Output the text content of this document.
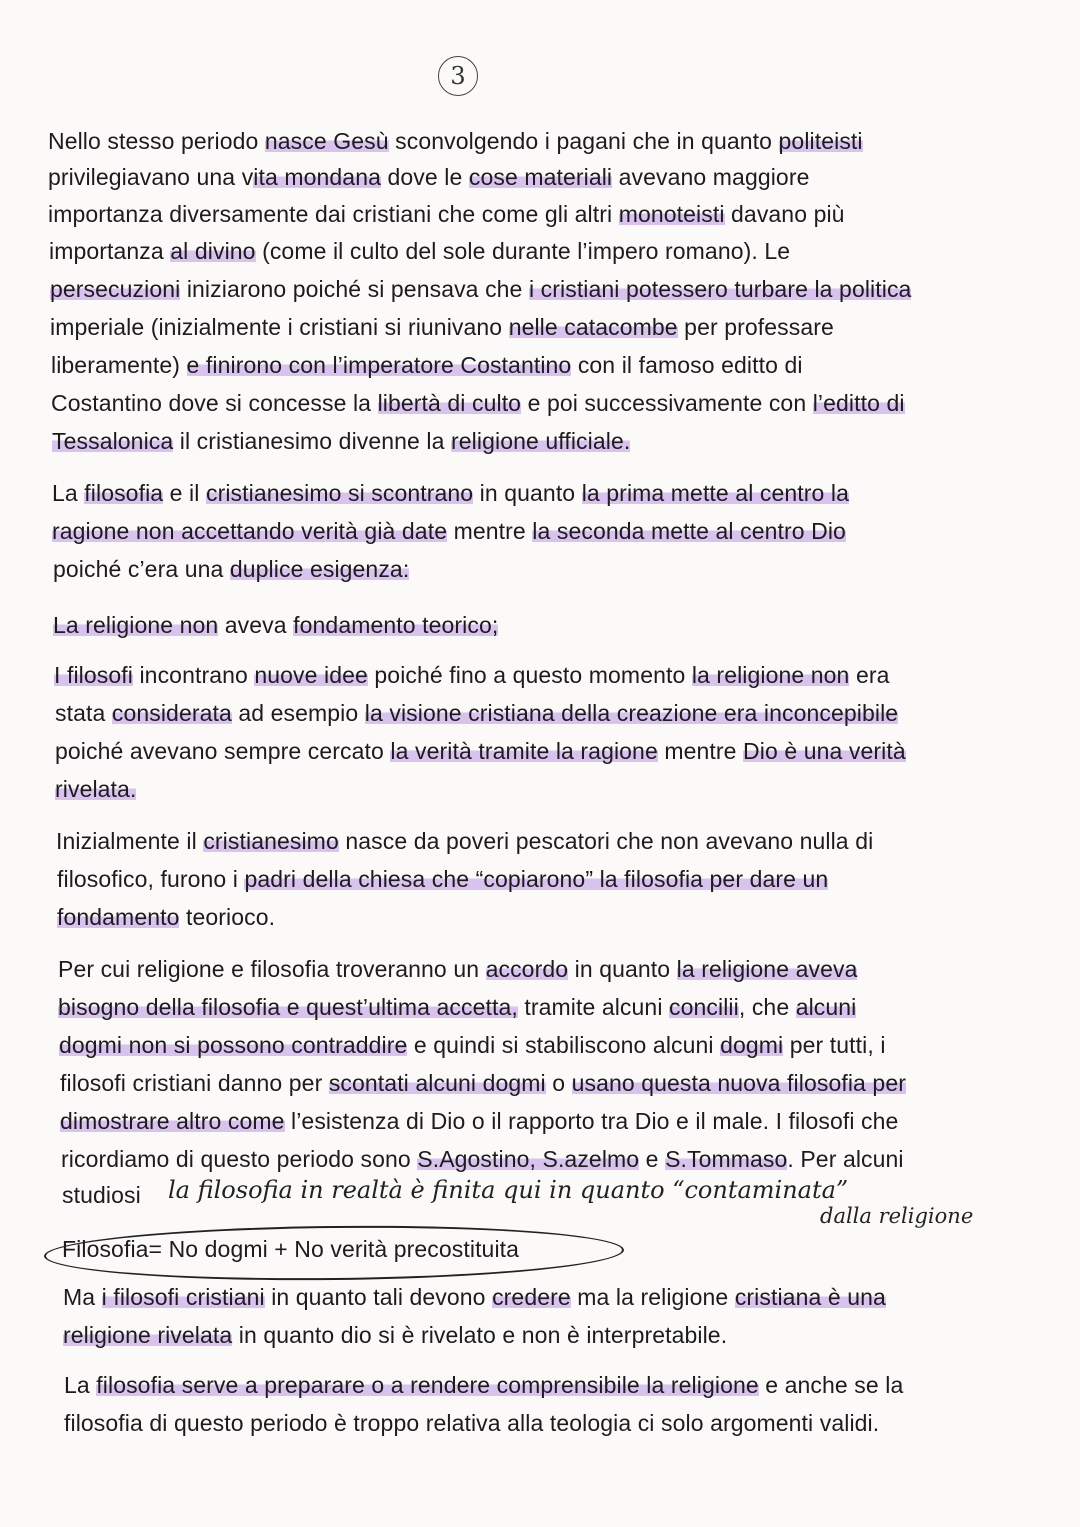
3
Nello stesso periodo nasce Gesù sconvolgendo i pagani che in quanto politeisti
privilegiavano una vita mondana dove le cose materiali avevano maggiore
importanza diversamente dai cristiani che come gli altri monoteisti davano più
importanza al divino (come il culto del sole durante l’impero romano). Le
persecuzioni iniziarono poiché si pensava che i cristiani potessero turbare la politica
imperiale (inizialmente i cristiani si riunivano nelle catacombe per professare
liberamente) e finirono con l’imperatore Costantino con il famoso editto di
Costantino dove si concesse la libertà di culto e poi successivamente con l’editto di
Tessalonica il cristianesimo divenne la religione ufficiale.
La filosofia e il cristianesimo si scontrano in quanto la prima mette al centro la
ragione non accettando verità già date mentre la seconda mette al centro Dio
poiché c’era una duplice esigenza:
La religione non aveva fondamento teorico;
I filosofi incontrano nuove idee poiché fino a questo momento la religione non era
stata considerata ad esempio la visione cristiana della creazione era inconcepibile
poiché avevano sempre cercato la verità tramite la ragione mentre Dio è una verità
rivelata.
Inizialmente il cristianesimo nasce da poveri pescatori che non avevano nulla di
filosofico, furono i padri della chiesa che “copiarono” la filosofia per dare un
fondamento teorioco.
Per cui religione e filosofia troveranno un accordo in quanto la religione aveva
bisogno della filosofia e quest’ultima accetta, tramite alcuni concilii, che alcuni
dogmi non si possono contraddire e quindi si stabiliscono alcuni dogmi per tutti, i
filosofi cristiani danno per scontati alcuni dogmi o usano questa nuova filosofia per
dimostrare altro come l’esistenza di Dio o il rapporto tra Dio e il male. I filosofi che
ricordiamo di questo periodo sono S.Agostino, S.azelmo e S.Tommaso. Per alcuni
studiosi
Filosofia= No dogmi + No verità precostituita
Ma i filosofi cristiani in quanto tali devono credere ma la religione cristiana è una
religione rivelata in quanto dio si è rivelato e non è interpretabile.
La filosofia serve a preparare o a rendere comprensibile la religione e anche se la
filosofia di questo periodo è troppo relativa alla teologia ci solo argomenti validi.
la filosofia in realtà è finita qui in quanto “contaminata”
dalla religione
